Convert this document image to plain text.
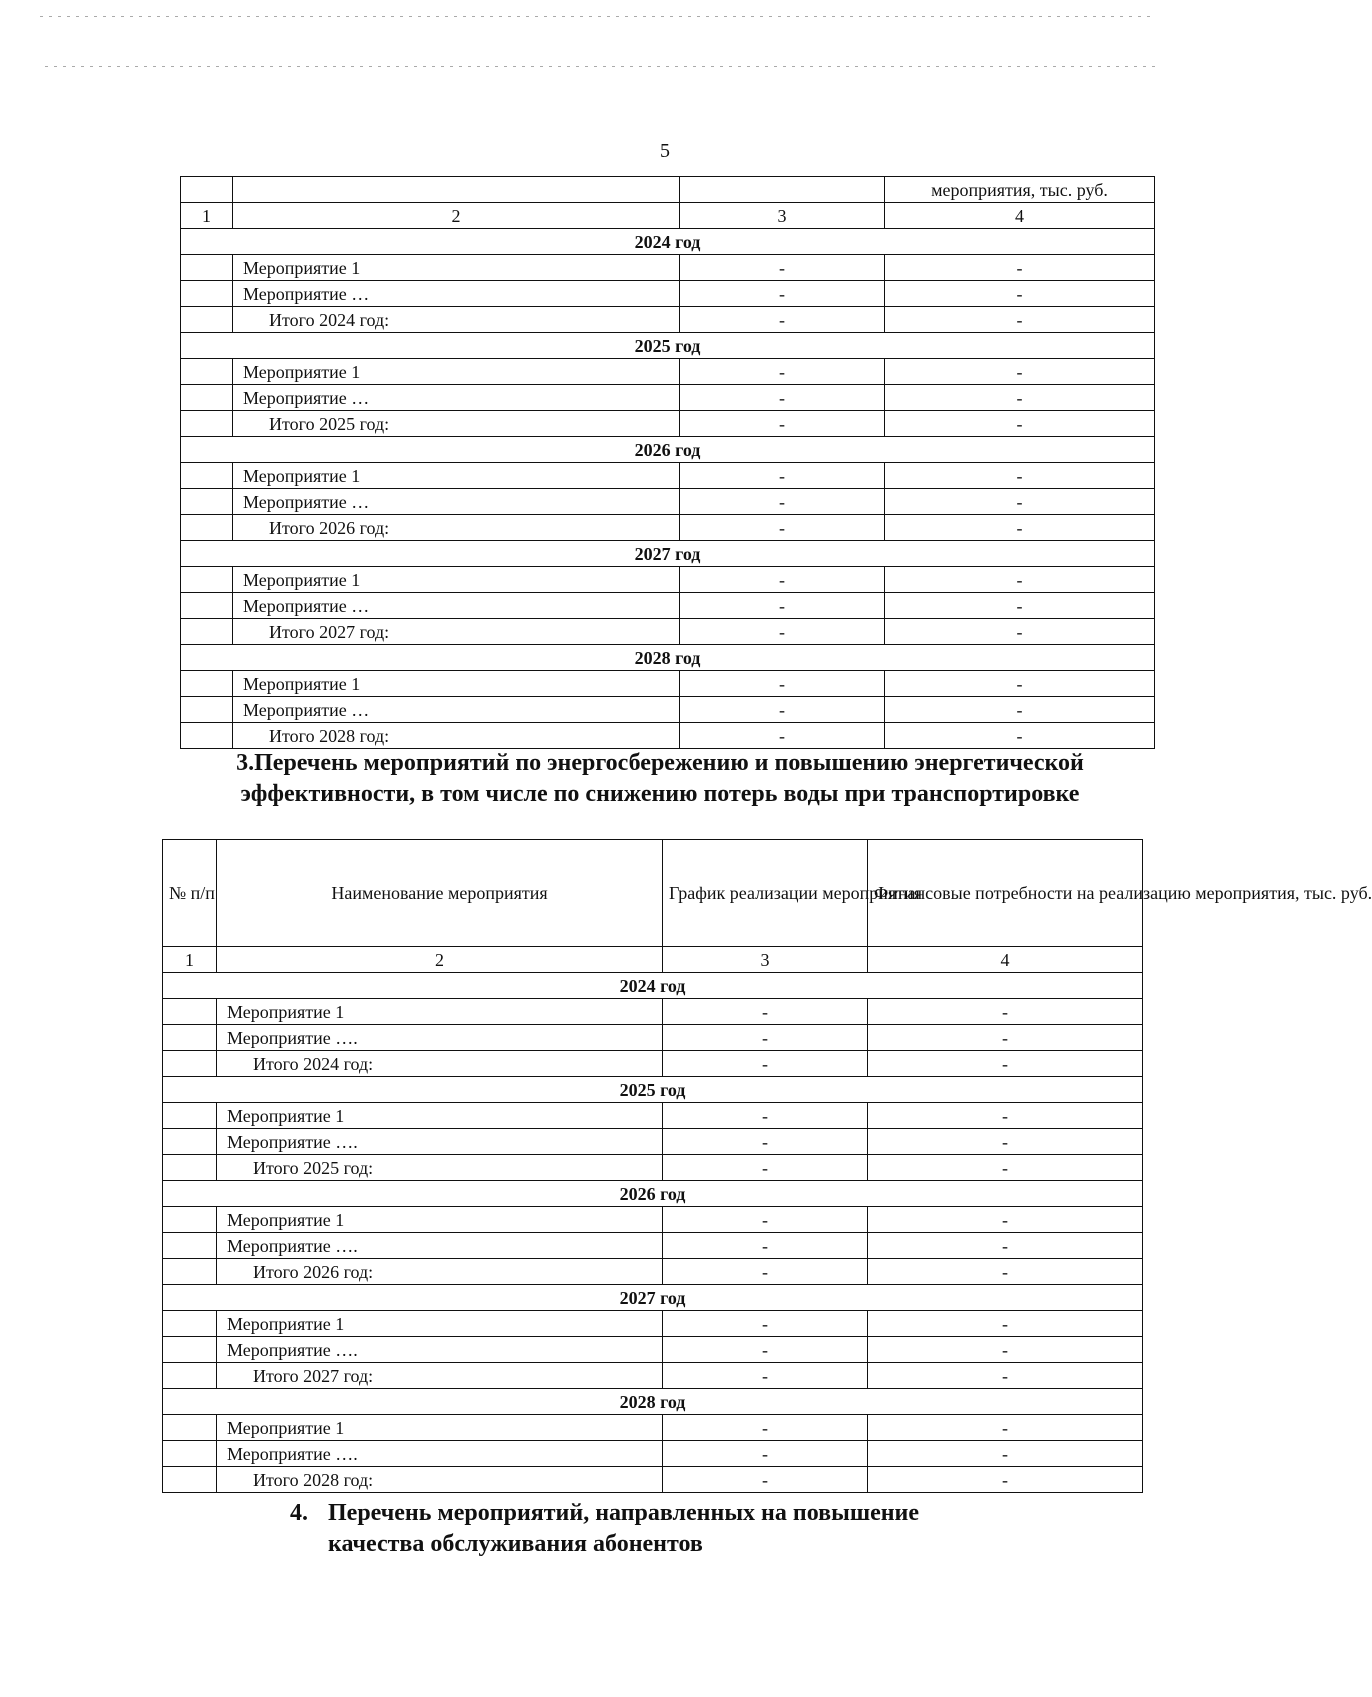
5
			мероприятия, тыс. руб.
1	2	3	4
2024 год			
	Мероприятие 1	-	-
	Мероприятие …	-	-
	Итого 2024 год:	-	-
2025 год			
	Мероприятие 1	-	-
	Мероприятие …	-	-
	Итого 2025 год:	-	-
2026 год			
	Мероприятие 1	-	-
	Мероприятие …	-	-
	Итого 2026 год:	-	-
2027 год			
	Мероприятие 1	-	-
	Мероприятие …	-	-
	Итого 2027 год:	-	-
2028 год			
	Мероприятие 1	-	-
	Мероприятие …	-	-
	Итого 2028 год:	-	-
3.Перечень мероприятий по энергосбережению и повышению энергетической эффективности, в том числе по снижению потерь воды при транспортировке
№ п/п	Наименование мероприятия	График реализации мероприятия	Финансовые потребности на реализацию мероприятия, тыс. руб.
1	2	3	4
2024 год			
	Мероприятие 1	-	-
	Мероприятие ….	-	-
	Итого 2024 год:	-	-
2025 год			
	Мероприятие 1	-	-
	Мероприятие ….	-	-
	Итого 2025 год:	-	-
2026 год			
	Мероприятие 1	-	-
	Мероприятие ….	-	-
	Итого 2026 год:	-	-
2027 год			
	Мероприятие 1	-	-
	Мероприятие ….	-	-
	Итого 2027 год:	-	-
2028 год			
	Мероприятие 1	-	-
	Мероприятие ….	-	-
	Итого 2028 год:	-	-
4. Перечень мероприятий, направленных на повышение
качества обслуживания абонентов
